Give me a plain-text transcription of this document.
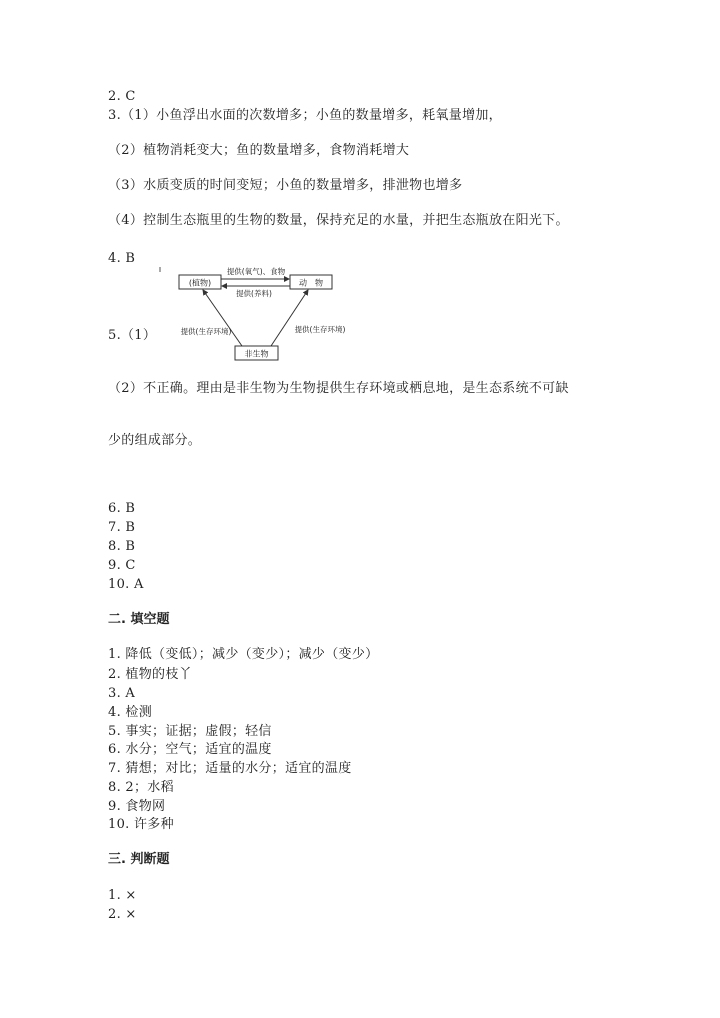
2. C
3.（1）小鱼浮出水面的次数增多；小鱼的数量增多，耗氧量增加，
（2）植物消耗变大；鱼的数量增多，食物消耗增大
（3）水质变质的时间变短；小鱼的数量增多，排泄物也增多
（4）控制生态瓶里的生物的数量，保持充足的水量，并把生态瓶放在阳光下。
4. B
5.（1）
(植物)	动　物
非生物
提供(氧气)、食物
提供(养料)
提供(生存环境)	提供(生存环境)
（2）不正确。理由是非生物为生物提供生存环境或栖息地，是生态系统不可缺
少的组成部分。
6. B
7. B
8. B
9. C
10. A
二. 填空题
1. 降低（变低）；减少（变少）；减少（变少）
2. 植物的枝丫
3. A
4. 检测
5. 事实；证据；虚假；轻信
6. 水分；空气；适宜的温度
7. 猜想；对比；适量的水分；适宜的温度
8. 2；水稻
9. 食物网
10. 许多种
三. 判断题
1. ×
2. ×
